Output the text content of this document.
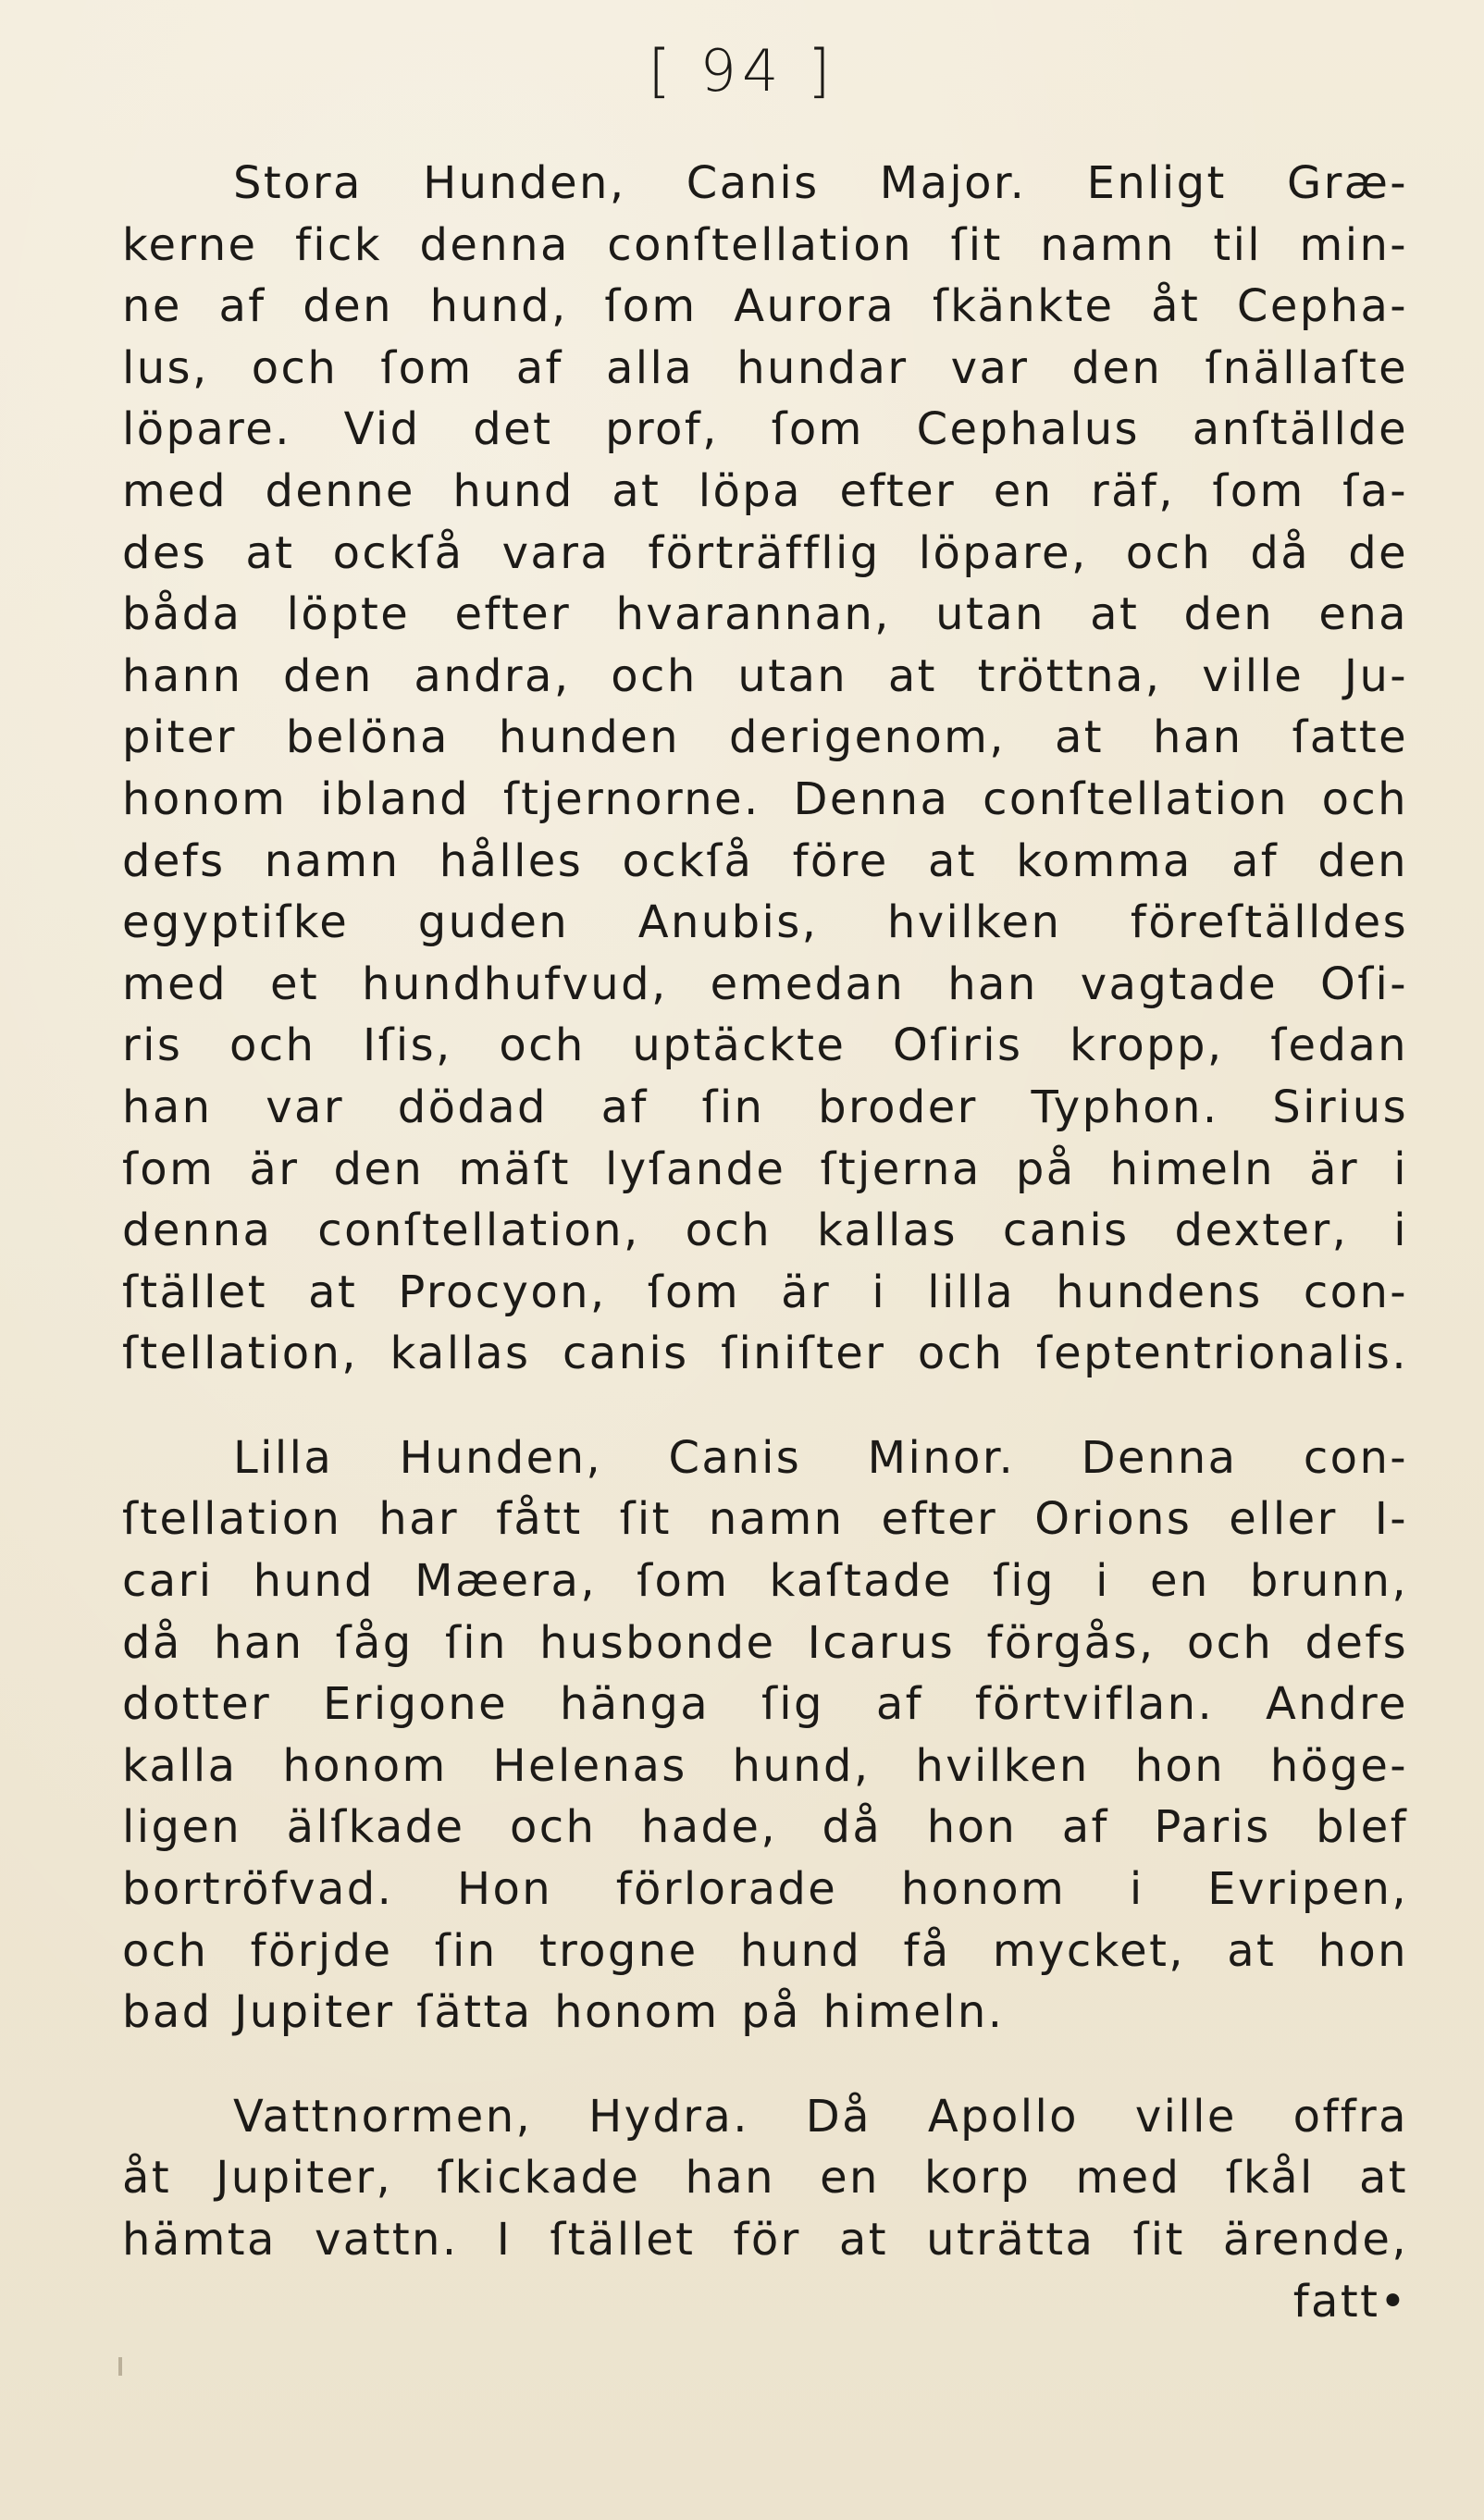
[ 94 ]
Stora Hunden, Canis Major. Enligt Græ-
kerne fick denna conſtellation ſit namn til min-
ne af den hund, ſom Aurora ſkänkte åt Cepha-
lus, och ſom af alla hundar var den ſnällaſte
löpare. Vid det prof, ſom Cephalus anſtällde
med denne hund at löpa efter en räf, ſom ſa-
des at ockſå vara förträfflig löpare, och då de
båda löpte efter hvarannan, utan at den ena
hann den andra, och utan at tröttna, ville Ju-
piter belöna hunden derigenom, at han ſatte
honom ibland ſtjernorne. Denna conſtellation och
defs namn hålles ockſå före at komma af den
egyptiſke guden Anubis, hvilken föreſtälldes
med et hundhufvud, emedan han vagtade Oſi-
ris och Iſis, och uptäckte Oſiris kropp, ſedan
han var dödad af ſin broder Typhon. Sirius
ſom är den mäſt lyſande ſtjerna på himeln är i
denna conſtellation, och kallas canis dexter, i
ſtället at Procyon, ſom är i lilla hundens con-
ſtellation, kallas canis ſiniſter och ſeptentrionalis.
Lilla Hunden, Canis Minor. Denna con-
ſtellation har fått ſit namn efter Orions eller I-
cari hund Mæera, ſom kaſtade ſig i en brunn,
då han ſåg ſin husbonde Icarus förgås, och defs
dotter Erigone hänga ſig af förtviflan. Andre
kalla honom Helenas hund, hvilken hon höge-
ligen älſkade och hade, då hon af Paris blef
bortröfvad. Hon förlorade honom i Evripen,
och förjde ſin trogne hund få mycket, at hon
bad Jupiter ſätta honom på himeln.
Vattnormen, Hydra. Då Apollo ville offra
åt Jupiter, ſkickade han en korp med ſkål at
hämta vattn. I ſtället för at uträtta ſit ärende,
fatt•
